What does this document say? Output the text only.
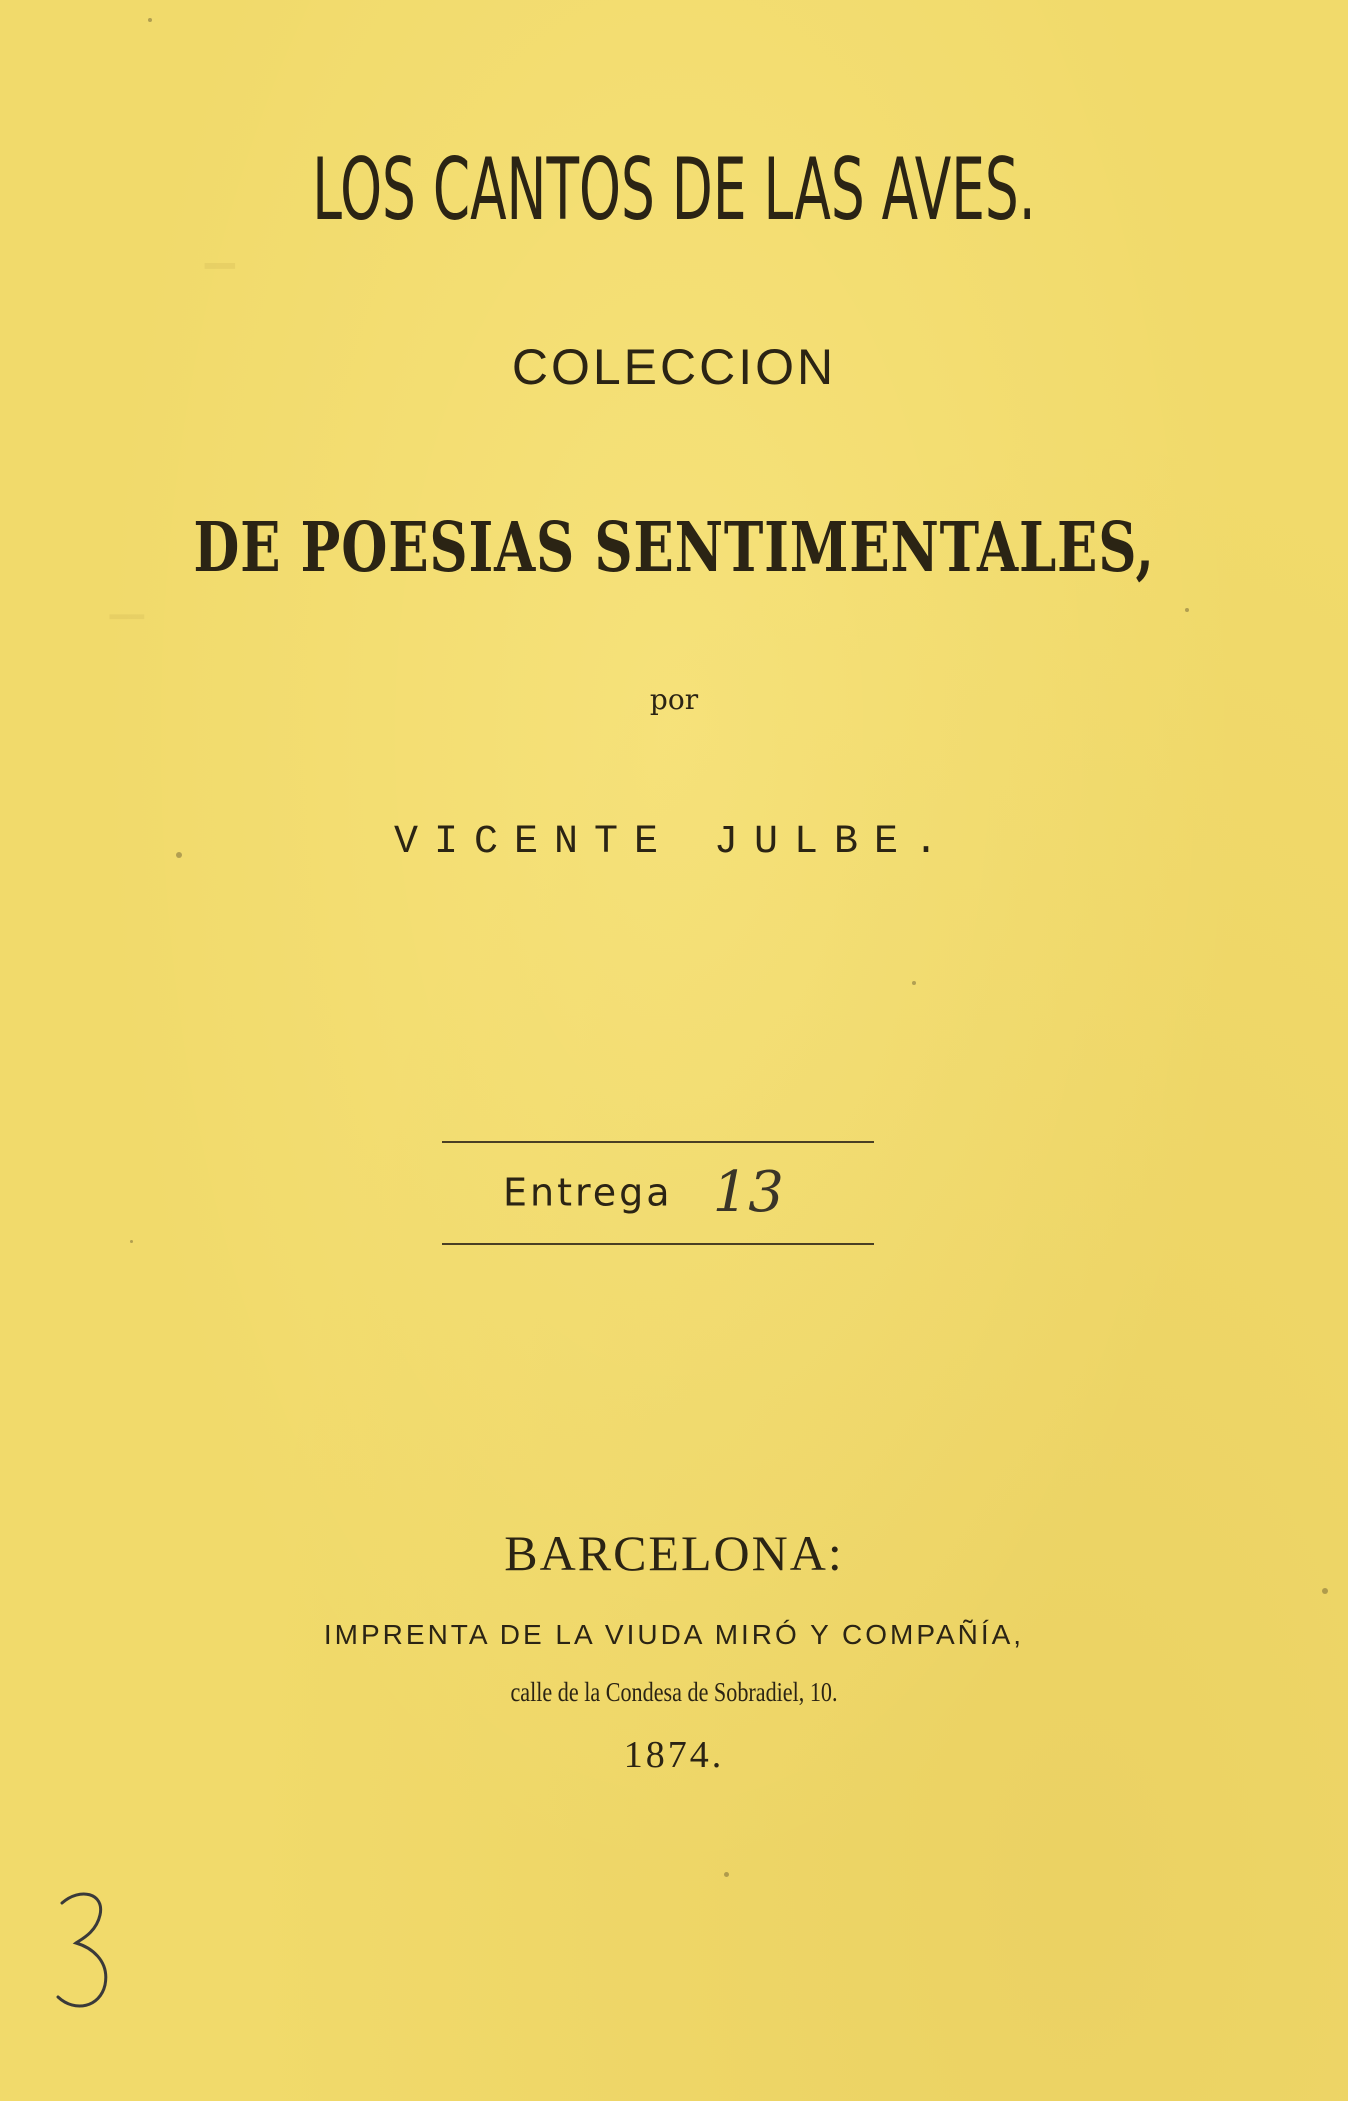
─
─
LOS CANTOS DE LAS AVES.
COLECCION
DE POESIAS SENTIMENTALES,
por
VICENTE JULBE.
Entrega 13
BARCELONA:
IMPRENTA DE LA VIUDA MIRÓ Y COMPAÑÍA,
calle de la Condesa de Sobradiel, 10.
1874.
